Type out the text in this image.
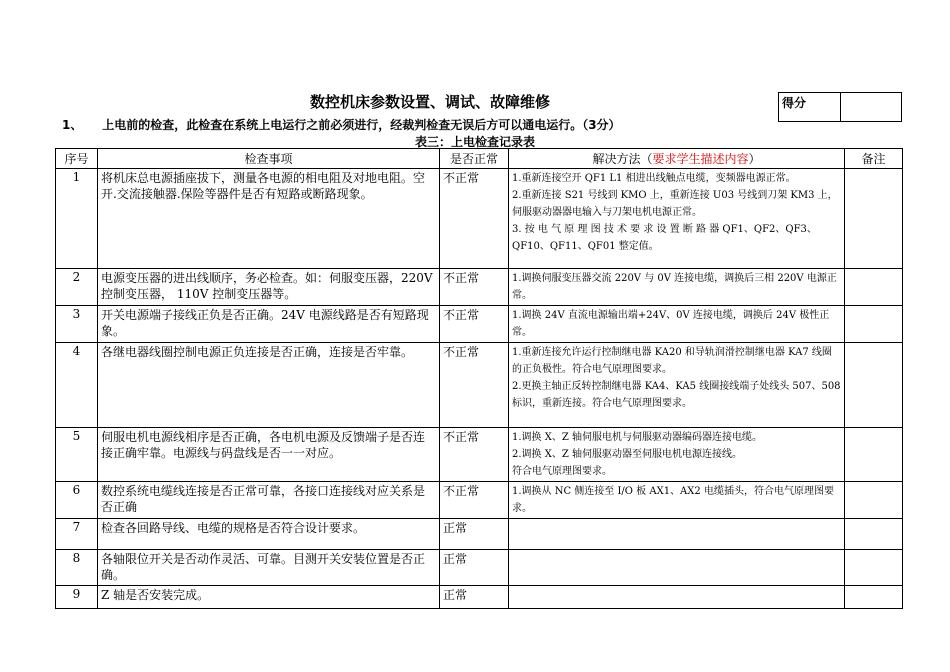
数控机床参数设置、调试、故障维修	得分
1、 上电前的检查，此检查在系统上电运行之前必须进行，经裁判检查无误后方可以通电运行。（3分）
表三：上电检查记录表
序号	检查事项	是否正常	解决方法（要求学生描述内容）	备注
1	将机床总电源插座拔下，测量各电源的相电阻及对地电阻。空开.交流接触器.保险等器件是否有短路或断路现象。	不正常	1.重新连接空开 QF1 L1 相进出线触点电缆，变频器电源正常。
2.重新连接 S21 号线到 KMO 上，重新连接 U03 号线到刀架 KM3 上，伺服驱动器器电输入与刀架电机电源正常。
3. 按 电 气 原 理 图 技 术 要 求 设 置 断 路 器 QF1、QF2、QF3、QF10、QF11、QF01 整定值。	

2	电源变压器的进出线顺序，务必检查。如：伺服变压器，220V 控制变压器， 110V 控制变压器等。	不正常	1.调换伺服变压器交流 220V 与 0V 连接电缆，调换后三相 220V 电源正常。	

3	开关电源端子接线正负是否正确。24V 电源线路是否有短路现象。	不正常	1.调换 24V 直流电源输出端+24V、0V 连接电缆，调换后 24V 极性正常。	

4	各继电器线圈控制电源正负连接是否正确，连接是否牢靠。	不正常	1.重新连接允许运行控制继电器 KA20 和导轨润滑控制继电器 KA7 线圈的正负极性。符合电气原理图要求。
2.更换主轴正反转控制继电器 KA4、KA5 线圈接线端子处线头 507、508 标识，重新连接。符合电气原理图要求。	

5	伺服电机电源线相序是否正确，各电机电源及反馈端子是否连接正确牢靠。电源线与码盘线是否一一对应。	不正常	1.调换 X、Z 轴伺服电机与伺服驱动器编码器连接电缆。
2.调换 X、Z 轴伺服驱动器至伺服电机电源连接线。
符合电气原理图要求。	

6	数控系统电缆线连接是否正常可靠，各接口连接线对应关系是否正确	不正常	1.调换从 NC 侧连接至 I/O 板 AX1、AX2 电缆插头，符合电气原理图要求。	

7	检查各回路导线、电缆的规格是否符合设计要求。	正常		
8	各轴限位开关是否动作灵活、可靠。目测开关安装位置是否正确。	正常		
9	Z 轴是否安装完成。	正常		
